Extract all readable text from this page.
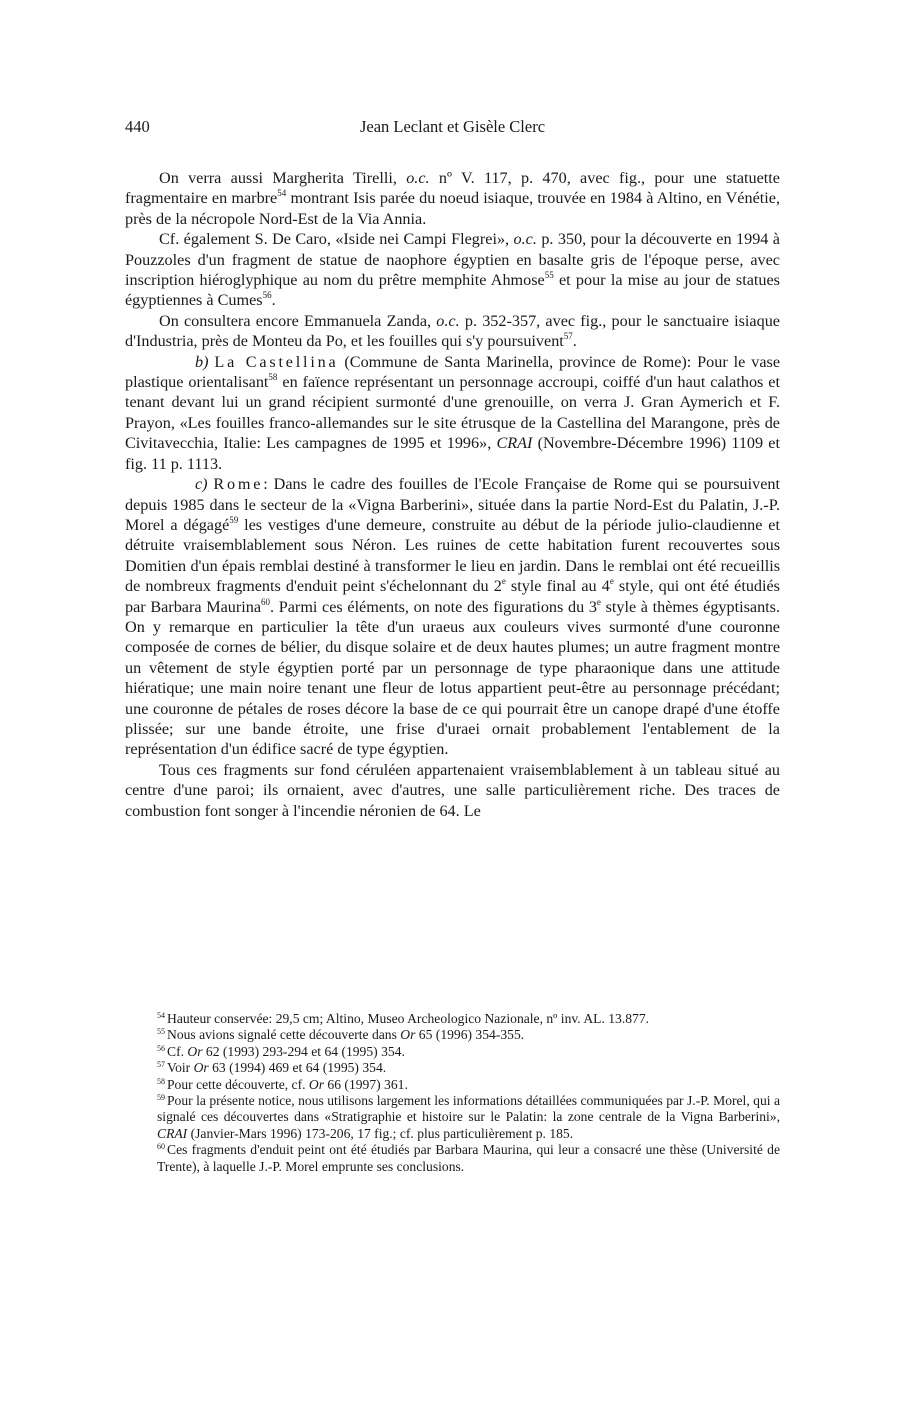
440	Jean Leclant et Gisèle Clerc

On verra aussi Margherita Tirelli, o.c. nº V. 117, p. 470, avec fig., pour une statuette fragmentaire en marbre$^{54}$ montrant Isis parée du noeud isiaque, trouvée en 1984 à Altino, en Vénétie, près de la nécropole Nord-Est de la Via Annia.

Cf. également S. De Caro, «Iside nei Campi Flegrei», o.c. p. 350, pour la découverte en 1994 à Pouzzoles d'un fragment de statue de naophore égyptien en basalte gris de l'époque perse, avec inscription hiéroglyphique au nom du prêtre memphite Ahmose$^{55}$ et pour la mise au jour de statues égyptiennes à Cumes$^{56}$.

On consultera encore Emmanuela Zanda, o.c. p. 352-357, avec fig., pour le sanctuaire isiaque d'Industria, près de Monteu da Po, et les fouilles qui s'y poursuivent$^{57}$.

b) La Castellina (Commune de Santa Marinella, province de Rome): Pour le vase plastique orientalisant$^{58}$ en faïence représentant un personnage accroupi, coiffé d'un haut calathos et tenant devant lui un grand récipient surmonté d'une grenouille, on verra J. Gran Aymerich et F. Prayon, «Les fouilles franco-allemandes sur le site étrusque de la Castellina del Marangone, près de Civitavecchia, Italie: Les campagnes de 1995 et 1996», CRAI (Novembre-Décembre 1996) 1109 et fig. 11 p. 1113.

c) Rome: Dans le cadre des fouilles de l'Ecole Française de Rome qui se poursuivent depuis 1985 dans le secteur de la «Vigna Barberini», située dans la partie Nord-Est du Palatin, J.-P. Morel a dégagé$^{59}$ les vestiges d'une demeure, construite au début de la période julio-claudienne et détruite vraisemblablement sous Néron. Les ruines de cette habitation furent recouvertes sous Domitien d'un épais remblai destiné à transformer le lieu en jardin. Dans le remblai ont été recueillis de nombreux fragments d'enduit peint s'échelonnant du 2e style final au 4e style, qui ont été étudiés par Barbara Maurina$^{60}$. Parmi ces éléments, on note des figurations du 3e style à thèmes égyptisants. On y remarque en particulier la tête d'un uraeus aux couleurs vives surmonté d'une couronne composée de cornes de bélier, du disque solaire et de deux hautes plumes; un autre fragment montre un vêtement de style égyptien porté par un personnage de type pharaonique dans une attitude hiératique; une main noire tenant une fleur de lotus appartient peut-être au personnage précédant; une couronne de pétales de roses décore la base de ce qui pourrait être un canope drapé d'une étoffe plissée; sur une bande étroite, une frise d'uraei ornait probablement l'entablement de la représentation d'un édifice sacré de type égyptien.

Tous ces fragments sur fond céruléen appartenaient vraisemblablement à un tableau situé au centre d'une paroi; ils ornaient, avec d'autres, une salle particulièrement riche. Des traces de combustion font songer à l'incendie néronien de 64. Le

$^{54}$ Hauteur conservée: 29,5 cm; Altino, Museo Archeologico Nazionale, nº inv. AL. 13.877.

$^{55}$ Nous avions signalé cette découverte dans Or 65 (1996) 354-355.

$^{56}$ Cf. Or 62 (1993) 293-294 et 64 (1995) 354.

$^{57}$ Voir Or 63 (1994) 469 et 64 (1995) 354.

$^{58}$ Pour cette découverte, cf. Or 66 (1997) 361.

$^{59}$ Pour la présente notice, nous utilisons largement les informations détaillées communiquées par J.-P. Morel, qui a signalé ces découvertes dans «Stratigraphie et histoire sur le Palatin: la zone centrale de la Vigna Barberini», CRAI (Janvier-Mars 1996) 173-206, 17 fig.; cf. plus particulièrement p. 185.

$^{60}$ Ces fragments d'enduit peint ont été étudiés par Barbara Maurina, qui leur a consacré une thèse (Université de Trente), à laquelle J.-P. Morel emprunte ses conclusions.
